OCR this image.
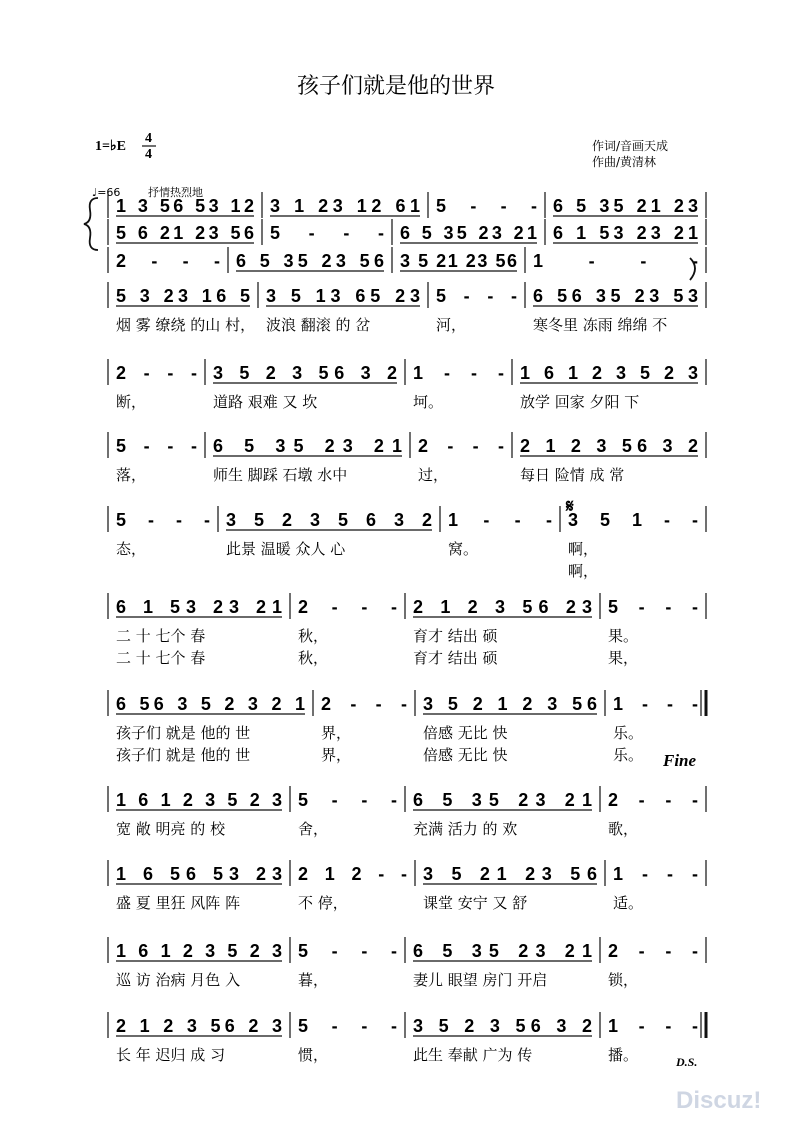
孩子们就是他的世界
1=♭E
4
4
作词/音画天成
作曲/黄清林
♩=66	抒情热烈地
1 3 56 53 12 3 1 23 12 61 5 - - - 6 5 35 21 23
5 6 21 23 56 5 - - - 6 5 35 23 21 6 1 53 23 21
2 - - - 6 5 35 23 56 3 5 21 23 56 1 - - -
5 3 23 16 5 3 5 13 65 23 5 - - - 6 56 35 23 53
烟 雾 缭绕 的山 村， 波浪 翻滚 的 岔	河，	寒冬里 冻雨 绵绵 不
2 - - - 3 5 2 3 56 3 2 1 - - - 1 6 1 2 3 5 2 3
断，	道路 艰难 又 坎	坷。	放学 回家 夕阳 下
5 - - - 6 5 35 23 21 2 - - - 2 1 2 3 56 3 2
落，	师生 脚踩 石墩 水中	过，	每日 险情 成 常
5 - - - 3 5 2 3 5 6 3 2 1 - - - 3 5 1 - -
态，	此景 温暖 众人 心	窝。	啊，
啊，
6 1 53 23 21 2 - - - 2 1 2 3 56 23 5 - - -
二 十 七个 春	秋，	育才 结出 硕	果。
二 十 七个 春	秋，	育才 结出 硕	果，
6 56 3 5 2 3 2 1 2 - - - 3 5 2 1 2 3 56 1 - - -
孩子们 就是 他的 世	界，	倍感 无比 快	乐。
孩子们 就是 他的 世	界，	倍感 无比 快	乐。
1 6 1 2 3 5 2 3 5 - - - 6 5 35 23 21 2 - - -
宽 敞 明亮 的 校	舍，	充满 活力 的 欢	歌，
1 6 56 53 23 2 1 2 - - 3 5 21 23 56 1 - - -
盛 夏 里狂 风阵 阵	不 停，	课堂 安宁 又 舒	适。
1 6 1 2 3 5 2 3 5 - - - 6 5 35 23 21 2 - - -
巡 访 治病 月色 入	暮，	妻儿 眼望 房门 开启	锁，
2 1 2 3 56 2 3 5 - - - 3 5 2 3 56 3 2 1 - - -
长 年 迟归 成 习	惯，	此生 奉献 广为 传	播。
𝄋
Fine
D.S.
Discuz!
